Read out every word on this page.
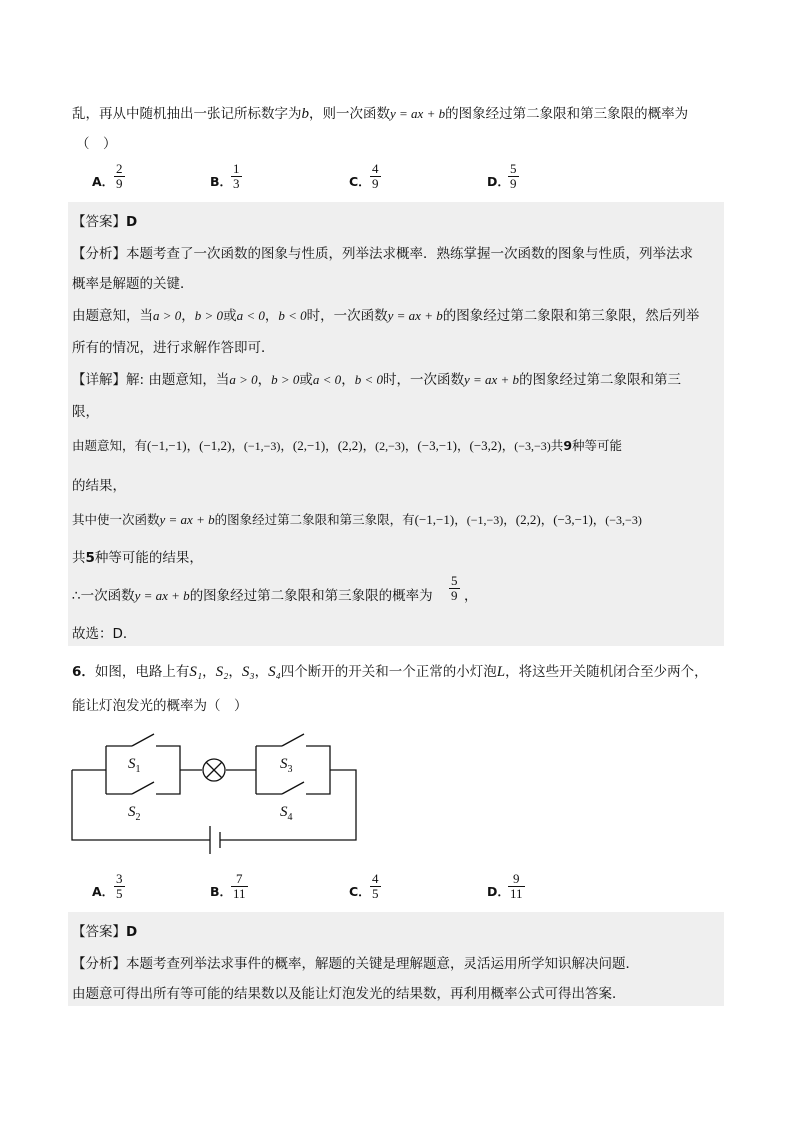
乱，再从中随机抽出一张记所标数字为b，则一次函数y = ax + b的图象经过第二象限和第三象限的概率为
（　）
A． $\frac{2}{9}$	B．
$\frac{1}{3}$	C． $\frac{4}{9}$	D．
$\frac{5}{9}$
【答案】D
【分析】本题考查了一次函数的图象与性质，列举法求概率．熟练掌握一次函数的图象与性质，列举法求
概率是解题的关键．
由题意知，当a > 0，b > 0或a < 0，b < 0时，一次函数y = ax + b的图象经过第二象限和第三象限，然后列举
所有的情况，进行求解作答即可．
【详解】解: 由题意知，当a > 0，b > 0或a < 0，b < 0时，一次函数y = ax + b的图象经过第二象限和第三
限，
由题意知，有(−1,−1)，(−1,2)，(−1,−3)，(2,−1)，(2,2)，(2,−3)，(−3,−1)，(−3,2)，(−3,−3)共9种等可能
的结果，
其中使一次函数y = ax + b的图象经过第二象限和第三象限，有(−1,−1)，(−1,−3)，(2,2)，(−3,−1)，(−3,−3)
共5种等可能的结果，
∴一次函数y = ax + b的图象经过第二象限和第三象限的概率为 $\frac{5}{9}$ ，
故选：D．
6．如图，电路上有S₁，S₂，S₃，S₄四个断开的开关和一个正常的小灯泡L，将这些开关随机闭合至少两个，
能让灯泡发光的概率为（　）
$S_1$
$S_2$
$S_3$
$S_4$
A． $\frac{3}{5}$	B．
$\frac{7}{11}$	C． $\frac{4}{5}$	D．
$\frac{9}{11}$
【答案】D
【分析】本题考查列举法求事件的概率，解题的关键是理解题意，灵活运用所学知识解决问题．
由题意可得出所有等可能的结果数以及能让灯泡发光的结果数，再利用概率公式可得出答案．
